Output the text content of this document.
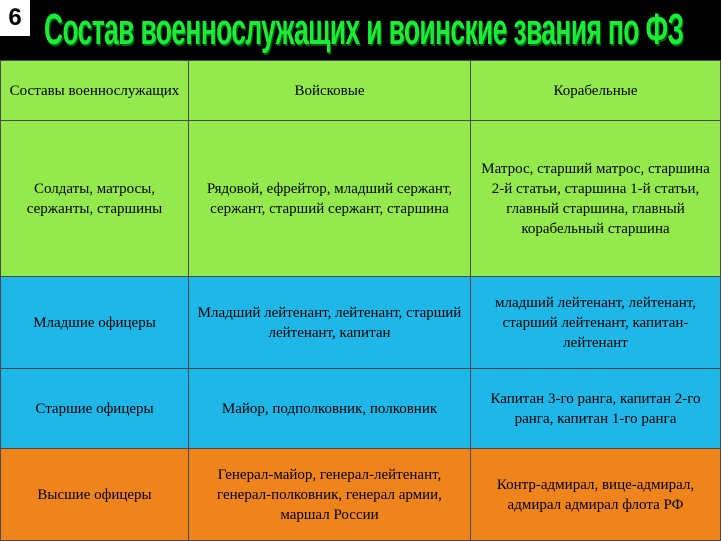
6 Состав военнослужащих и воинские звания по ФЗ
Составы военнослужащих	Войсковые	Корабельные
Солдаты, матросы, сержанты, старшины	Рядовой, ефрейтор, младший сержант, сержант, старший сержант, старшина	Матрос, старший матрос, старшина 2-й статьи, старшина 1-й статьи, главный старшина, главный корабельный старшина
Младшие офицеры	Младший лейтенант, лейтенант, старший лейтенант, капитан	младший лейтенант, лейтенант, старший лейтенант, капитан-лейтенант
Старшие офицеры	Майор, подполковник, полковник	Капитан 3-го ранга, капитан 2-го ранга, капитан 1-го ранга
Высшие офицеры	Генерал-майор, генерал-лейтенант, генерал-полковник, генерал армии, маршал России	Контр-адмирал, вице-адмирал, адмирал адмирал флота РФ
